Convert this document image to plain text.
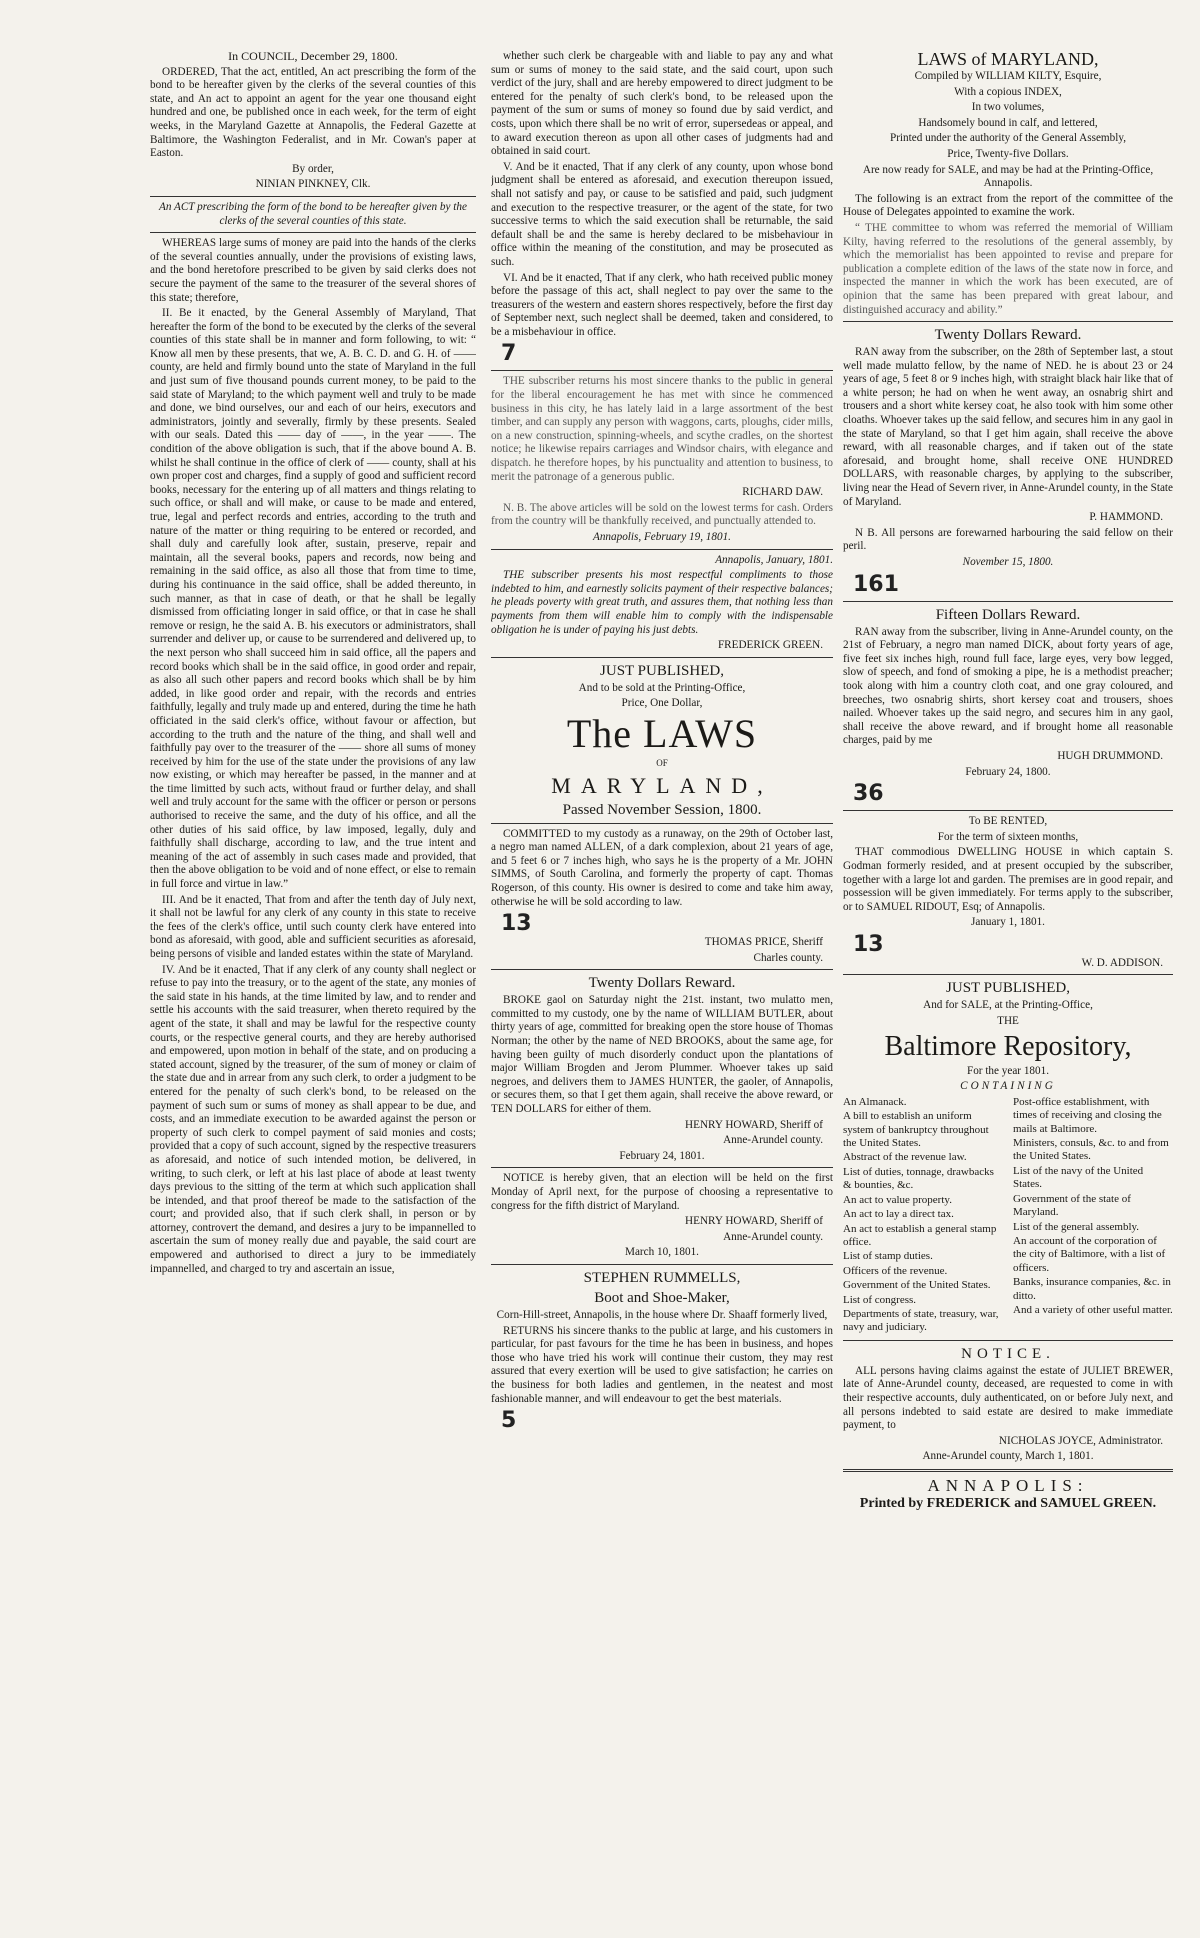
In COUNCIL, December 29, 1800.

ORDERED, That the act, entitled, An act prescribing the form of the bond to be hereafter given by the clerks of the several counties of this state, and An act to appoint an agent for the year one thousand eight hundred and one, be published once in each week, for the term of eight weeks, in the Maryland Gazette at Annapolis, the Federal Gazette at Baltimore, the Washington Federalist, and in Mr. Cowan's paper at Easton.

By order,

NINIAN PINKNEY, Clk.

An ACT prescribing the form of the bond to be hereafter given by the clerks of the several counties of this state.

WHEREAS large sums of money are paid into the hands of the clerks of the several counties annually, under the provisions of existing laws, and the bond heretofore prescribed to be given by said clerks does not secure the payment of the same to the treasurer of the several shores of this state; therefore,

II. Be it enacted, by the General Assembly of Maryland, That hereafter the form of the bond to be executed by the clerks of the several counties of this state shall be in manner and form following, to wit: “ Know all men by these presents, that we, A. B. C. D. and G. H. of —— county, are held and firmly bound unto the state of Maryland in the full and just sum of five thousand pounds current money, to be paid to the said state of Maryland; to the which payment well and truly to be made and done, we bind ourselves, our and each of our heirs, executors and administrators, jointly and severally, firmly by these presents. Sealed with our seals. Dated this —— day of ——, in the year ——. The condition of the above obligation is such, that if the above bound A. B. whilst he shall continue in the office of clerk of —— county, shall at his own proper cost and charges, find a supply of good and sufficient record books, necessary for the entering up of all matters and things relating to such office, or shall and will make, or cause to be made and entered, true, legal and perfect records and entries, according to the truth and nature of the matter or thing requiring to be entered or recorded, and shall duly and carefully look after, sustain, preserve, repair and maintain, all the several books, papers and records, now being and remaining in the said office, as also all those that from time to time, during his continuance in the said office, shall be added thereunto, in such manner, as that in case of death, or that he shall be legally dismissed from officiating longer in said office, or that in case he shall remove or resign, he the said A. B. his executors or administrators, shall surrender and deliver up, or cause to be surrendered and delivered up, to the next person who shall succeed him in said office, all the papers and record books which shall be in the said office, in good order and repair, as also all such other papers and record books which shall be by him added, in like good order and repair, with the records and entries faithfully, legally and truly made up and entered, during the time he hath officiated in the said clerk's office, without favour or affection, but according to the truth and the nature of the thing, and shall well and faithfully pay over to the treasurer of the —— shore all sums of money received by him for the use of the state under the provisions of any law now existing, or which may hereafter be passed, in the manner and at the time limitted by such acts, without fraud or further delay, and shall well and truly account for the same with the officer or person or persons authorised to receive the same, and the duty of his office, and all the other duties of his said office, by law imposed, legally, duly and faithfully shall discharge, according to law, and the true intent and meaning of the act of assembly in such cases made and provided, that then the above obligation to be void and of none effect, or else to remain in full force and virtue in law.”

III. And be it enacted, That from and after the tenth day of July next, it shall not be lawful for any clerk of any county in this state to receive the fees of the clerk's office, until such county clerk have entered into bond as aforesaid, with good, able and sufficient securities as aforesaid, being persons of visible and landed estates within the state of Maryland.

IV. And be it enacted, That if any clerk of any county shall neglect or refuse to pay into the treasury, or to the agent of the state, any monies of the said state in his hands, at the time limited by law, and to render and settle his accounts with the said treasurer, when thereto required by the agent of the state, it shall and may be lawful for the respective county courts, or the respective general courts, and they are hereby authorised and empowered, upon motion in behalf of the state, and on producing a stated account, signed by the treasurer, of the sum of money or claim of the state due and in arrear from any such clerk, to order a judgment to be entered for the penalty of such clerk's bond, to be released on the payment of such sum or sums of money as shall appear to be due, and costs, and an immediate execution to be awarded against the person or property of such clerk to compel payment of said monies and costs; provided that a copy of such account, signed by the respective treasurers as aforesaid, and notice of such intended motion, be delivered, in writing, to such clerk, or left at his last place of abode at least twenty days previous to the sitting of the term at which such application shall be intended, and that proof thereof be made to the satisfaction of the court; and provided also, that if such clerk shall, in person or by attorney, controvert the demand, and desires a jury to be impannelled to ascertain the sum of money really due and payable, the said court are empowered and authorised to direct a jury to be immediately impannelled, and charged to try and ascertain an issue,

whether such clerk be chargeable with and liable to pay any and what sum or sums of money to the said state, and the said court, upon such verdict of the jury, shall and are hereby empowered to direct judgment to be entered for the penalty of such clerk's bond, to be released upon the payment of the sum or sums of money so found due by said verdict, and costs, upon which there shall be no writ of error, supersedeas or appeal, and to award execution thereon as upon all other cases of judgments had and obtained in said court.

V. And be it enacted, That if any clerk of any county, upon whose bond judgment shall be entered as aforesaid, and execution thereupon issued, shall not satisfy and pay, or cause to be satisfied and paid, such judgment and execution to the respective treasurer, or the agent of the state, for two successive terms to which the said execution shall be returnable, the said default shall be and the same is hereby declared to be misbehaviour in office within the meaning of the constitution, and may be prosecuted as such.

VI. And be it enacted, That if any clerk, who hath received public money before the passage of this act, shall neglect to pay over the same to the treasurers of the western and eastern shores respectively, before the first day of September next, such neglect shall be deemed, taken and considered, to be a misbehaviour in office.

7

THE subscriber returns his most sincere thanks to the public in general for the liberal encouragement he has met with since he commenced business in this city, he has lately laid in a large assortment of the best timber, and can supply any person with waggons, carts, ploughs, cider mills, on a new construction, spinning-wheels, and scythe cradles, on the shortest notice; he likewise repairs carriages and Windsor chairs, with elegance and dispatch. he therefore hopes, by his punctuality and attention to business, to merit the patronage of a generous public.

RICHARD DAW.

N. B. The above articles will be sold on the lowest terms for cash. Orders from the country will be thankfully received, and punctually attended to.

Annapolis, February 19, 1801.

Annapolis, January, 1801.

THE subscriber presents his most respectful compliments to those indebted to him, and earnestly solicits payment of their respective balances; he pleads poverty with great truth, and assures them, that nothing less than payments from them will enable him to comply with the indispensable obligation he is under of paying his just debts.

FREDERICK GREEN.

JUST PUBLISHED,

And to be sold at the Printing-Office,

Price, One Dollar,

The LAWS

OF

MARYLAND,

Passed November Session, 1800.

COMMITTED to my custody as a runaway, on the 29th of October last, a negro man named ALLEN, of a dark complexion, about 21 years of age, and 5 feet 6 or 7 inches high, who says he is the property of a Mr. JOHN SIMMS, of South Carolina, and formerly the property of capt. Thomas Rogerson, of this county. His owner is desired to come and take him away, otherwise he will be sold according to law.

13

THOMAS PRICE, Sheriff

Charles county.

Twenty Dollars Reward.

BROKE gaol on Saturday night the 21st. instant, two mulatto men, committed to my custody, one by the name of WILLIAM BUTLER, about thirty years of age, committed for breaking open the store house of Thomas Norman; the other by the name of NED BROOKS, about the same age, for having been guilty of much disorderly conduct upon the plantations of major William Brogden and Jerom Plummer. Whoever takes up said negroes, and delivers them to JAMES HUNTER, the gaoler, of Annapolis, or secures them, so that I get them again, shall receive the above reward, or TEN DOLLARS for either of them.

HENRY HOWARD, Sheriff of

Anne-Arundel county.

February 24, 1801.

NOTICE is hereby given, that an election will be held on the first Monday of April next, for the purpose of choosing a representative to congress for the fifth district of Maryland.

HENRY HOWARD, Sheriff of

Anne-Arundel county.

March 10, 1801.

STEPHEN RUMMELLS,

Boot and Shoe-Maker,

Corn-Hill-street, Annapolis, in the house where Dr. Shaaff formerly lived,

RETURNS his sincere thanks to the public at large, and his customers in particular, for past favours for the time he has been in business, and hopes those who have tried his work will continue their custom, they may rest assured that every exertion will be used to give satisfaction; he carries on the business for both ladies and gentlemen, in the neatest and most fashionable manner, and will endeavour to get the best materials.

5

LAWS of MARYLAND,

Compiled by WILLIAM KILTY, Esquire,

With a copious INDEX,

In two volumes,

Handsomely bound in calf, and lettered,

Printed under the authority of the General Assembly,

Price, Twenty-five Dollars.

Are now ready for SALE, and may be had at the Printing-Office, Annapolis.

The following is an extract from the report of the committee of the House of Delegates appointed to examine the work.

“ THE committee to whom was referred the memorial of William Kilty, having referred to the resolutions of the general assembly, by which the memorialist has been appointed to revise and prepare for publication a complete edition of the laws of the state now in force, and inspected the manner in which the work has been executed, are of opinion that the same has been prepared with great labour, and distinguished accuracy and ability.”

Twenty Dollars Reward.

RAN away from the subscriber, on the 28th of September last, a stout well made mulatto fellow, by the name of NED. he is about 23 or 24 years of age, 5 feet 8 or 9 inches high, with straight black hair like that of a white person; he had on when he went away, an osnabrig shirt and trousers and a short white kersey coat, he also took with him some other cloaths. Whoever takes up the said fellow, and secures him in any gaol in the state of Maryland, so that I get him again, shall receive the above reward, with all reasonable charges, and if taken out of the state aforesaid, and brought home, shall receive ONE HUNDRED DOLLARS, with reasonable charges, by applying to the subscriber, living near the Head of Severn river, in Anne-Arundel county, in the State of Maryland.

P. HAMMOND.

N B. All persons are forewarned harbouring the said fellow on their peril.

November 15, 1800.

161

Fifteen Dollars Reward.

RAN away from the subscriber, living in Anne-Arundel county, on the 21st of February, a negro man named DICK, about forty years of age, five feet six inches high, round full face, large eyes, very bow legged, slow of speech, and fond of smoking a pipe, he is a methodist preacher; took along with him a country cloth coat, and one gray coloured, and breeches, two osnabrig shirts, short kersey coat and trousers, shoes nailed. Whoever takes up the said negro, and secures him in any gaol, shall receive the above reward, and if brought home all reasonable charges, paid by me

HUGH DRUMMOND.

February 24, 1800.

36

To BE RENTED,

For the term of sixteen months,

THAT commodious DWELLING HOUSE in which captain S. Godman formerly resided, and at present occupied by the subscriber, together with a large lot and garden. The premises are in good repair, and possession will be given immediately. For terms apply to the subscriber, or to SAMUEL RIDOUT, Esq; of Annapolis.

January 1, 1801.

13

W. D. ADDISON.

JUST PUBLISHED,

And for SALE, at the Printing-Office,

THE

Baltimore Repository,

For the year 1801.

CONTAINING

An Almanack.
A bill to establish an uniform system of bankruptcy throughout the United States.
Abstract of the revenue law.
List of duties, tonnage, drawbacks & bounties, &c.
An act to value property.
An act to lay a direct tax.
An act to establish a general stamp office.
List of stamp duties.
Officers of the revenue.
Government of the United States.
List of congress.
Departments of state, treasury, war, navy and judiciary.
Post-office establishment, with times of receiving and closing the mails at Baltimore.
Ministers, consuls, &c. to and from the United States.
List of the navy of the United States.
Government of the state of Maryland.
List of the general assembly.
An account of the corporation of the city of Baltimore, with a list of officers.
Banks, insurance companies, &c. in ditto.
And a variety of other useful matter.

NOTICE.

ALL persons having claims against the estate of JULIET BREWER, late of Anne-Arundel county, deceased, are requested to come in with their respective accounts, duly authenticated, on or before July next, and all persons indebted to said estate are desired to make immediate payment, to

NICHOLAS JOYCE, Administrator.

Anne-Arundel county, March 1, 1801.

ANNAPOLIS:

Printed by FREDERICK and SAMUEL GREEN.
